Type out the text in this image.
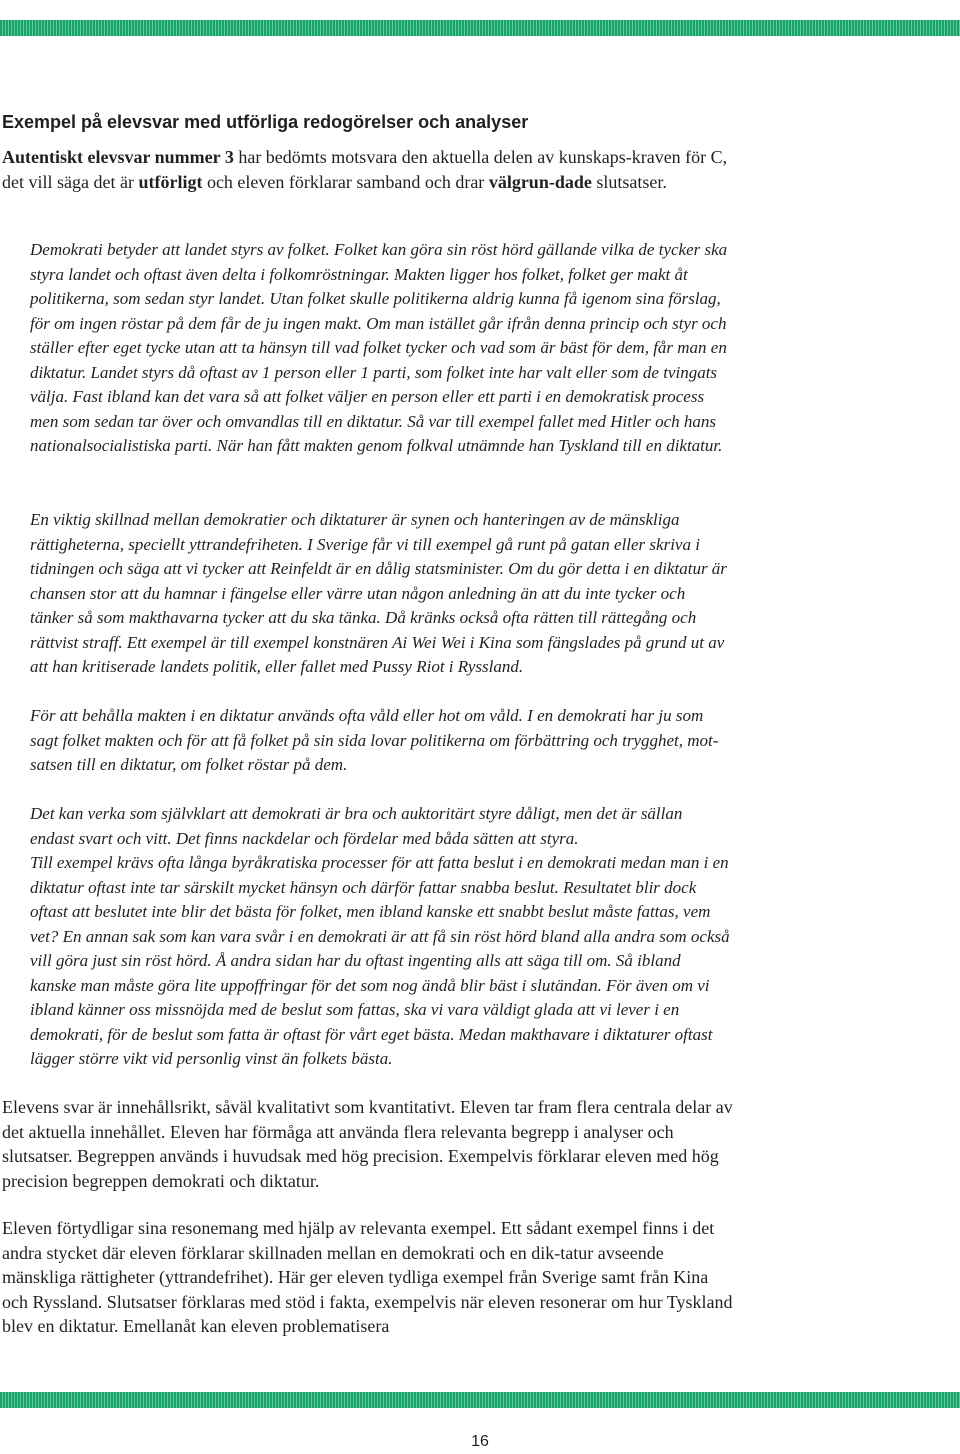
Exempel på elevsvar med utförliga redogörelser och analyser

Autentiskt elevsvar nummer 3 har bedömts motsvara den aktuella delen av kunskaps-kraven för C, det vill säga det är utförligt och eleven förklarar samband och drar välgrun-dade slutsatser.

Demokrati betyder att landet styrs av folket. Folket kan göra sin röst hörd gällande vilka de tycker ska styra landet och oftast även delta i folkomröstningar. Makten ligger hos folket, folket ger makt åt politikerna, som sedan styr landet. Utan folket skulle politikerna aldrig kunna få igenom sina förslag, för om ingen röstar på dem får de ju ingen makt. Om man istället går ifrån denna princip och styr och ställer efter eget tycke utan att ta hänsyn till vad folket tycker och vad som är bäst för dem, får man en diktatur. Landet styrs då oftast av 1 person eller 1 parti, som folket inte har valt eller som de tvingats välja. Fast ibland kan det vara så att folket väljer en person eller ett parti i en demokratisk process men som sedan tar över och omvandlas till en diktatur. Så var till exempel fallet med Hitler och hans nationalsocialistiska parti. När han fått makten genom folkval utnämnde han Tyskland till en diktatur.

En viktig skillnad mellan demokratier och diktaturer är synen och hanteringen av de mänskliga rättigheterna, speciellt yttrandefriheten. I Sverige får vi till exempel gå runt på gatan eller skriva i tidningen och säga att vi tycker att Reinfeldt är en dålig statsminister. Om du gör detta i en diktatur är chansen stor att du hamnar i fängelse eller värre utan någon anledning än att du inte tycker och tänker så som makthavarna tycker att du ska tänka. Då kränks också ofta rätten till rättegång och rättvist straff. Ett exempel är till exempel konstnären Ai Wei Wei i Kina som fängslades på grund ut av att han kritiserade landets politik, eller fallet med Pussy Riot i Ryssland.

För att behålla makten i en diktatur används ofta våld eller hot om våld. I en demokrati har ju som sagt folket makten och för att få folket på sin sida lovar politikerna om förbättring och trygghet, mot-satsen till en diktatur, om folket röstar på dem.

Det kan verka som självklart att demokrati är bra och auktoritärt styre dåligt, men det är sällan endast svart och vitt. Det finns nackdelar och fördelar med båda sätten att styra.

Till exempel krävs ofta långa byråkratiska processer för att fatta beslut i en demokrati medan man i en diktatur oftast inte tar särskilt mycket hänsyn och därför fattar snabba beslut. Resultatet blir dock oftast att beslutet inte blir det bästa för folket, men ibland kanske ett snabbt beslut måste fattas, vem vet? En annan sak som kan vara svår i en demokrati är att få sin röst hörd bland alla andra som också vill göra just sin röst hörd. Å andra sidan har du oftast ingenting alls att säga till om. Så ibland kanske man måste göra lite uppoffringar för det som nog ändå blir bäst i slutändan. För även om vi ibland känner oss missnöjda med de beslut som fattas, ska vi vara väldigt glada att vi lever i en demokrati, för de beslut som fatta är oftast för vårt eget bästa. Medan makthavare i diktaturer oftast lägger större vikt vid personlig vinst än folkets bästa.

Elevens svar är innehållsrikt, såväl kvalitativt som kvantitativt. Eleven tar fram flera centrala delar av det aktuella innehållet. Eleven har förmåga att använda flera relevanta begrepp i analyser och slutsatser. Begreppen används i huvudsak med hög precision. Exempelvis förklarar eleven med hög precision begreppen demokrati och diktatur.

Eleven förtydligar sina resonemang med hjälp av relevanta exempel. Ett sådant exempel finns i det andra stycket där eleven förklarar skillnaden mellan en demokrati och en dik-tatur avseende mänskliga rättigheter (yttrandefrihet). Här ger eleven tydliga exempel från Sverige samt från Kina och Ryssland. Slutsatser förklaras med stöd i fakta, exempelvis när eleven resonerar om hur Tyskland blev en diktatur. Emellanåt kan eleven problematisera

16
